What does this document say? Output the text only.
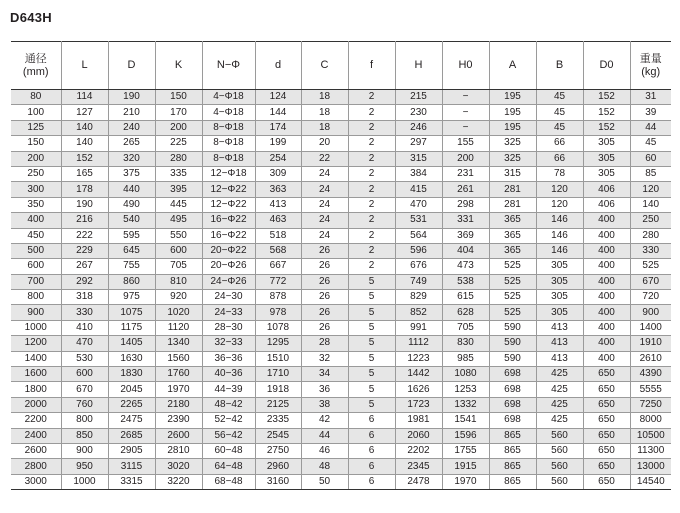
D643H
通径
(mm)	L	D	K	N−Φ	d	C	f	H	H0	A	B	D0	重量
(kg)

80	114	190	150	4−Φ18	124	18	2	215	−	195	45	152	31
100	127	210	170	4−Φ18	144	18	2	230	−	195	45	152	39
125	140	240	200	8−Φ18	174	18	2	246	−	195	45	152	44
150	140	265	225	8−Φ18	199	20	2	297	155	325	66	305	45
200	152	320	280	8−Φ18	254	22	2	315	200	325	66	305	60
250	165	375	335	12−Φ18	309	24	2	384	231	315	78	305	85
300	178	440	395	12−Φ22	363	24	2	415	261	281	120	406	120
350	190	490	445	12−Φ22	413	24	2	470	298	281	120	406	140
400	216	540	495	16−Φ22	463	24	2	531	331	365	146	400	250
450	222	595	550	16−Φ22	518	24	2	564	369	365	146	400	280
500	229	645	600	20−Φ22	568	26	2	596	404	365	146	400	330
600	267	755	705	20−Φ26	667	26	2	676	473	525	305	400	525
700	292	860	810	24−Φ26	772	26	5	749	538	525	305	400	670
800	318	975	920	24−30	878	26	5	829	615	525	305	400	720
900	330	1075	1020	24−33	978	26	5	852	628	525	305	400	900
1000	410	1175	1120	28−30	1078	26	5	991	705	590	413	400	1400
1200	470	1405	1340	32−33	1295	28	5	1112	830	590	413	400	1910
1400	530	1630	1560	36−36	1510	32	5	1223	985	590	413	400	2610
1600	600	1830	1760	40−36	1710	34	5	1442	1080	698	425	650	4390
1800	670	2045	1970	44−39	1918	36	5	1626	1253	698	425	650	5555
2000	760	2265	2180	48−42	2125	38	5	1723	1332	698	425	650	7250
2200	800	2475	2390	52−42	2335	42	6	1981	1541	698	425	650	8000
2400	850	2685	2600	56−42	2545	44	6	2060	1596	865	560	650	10500
2600	900	2905	2810	60−48	2750	46	6	2202	1755	865	560	650	11300
2800	950	3115	3020	64−48	2960	48	6	2345	1915	865	560	650	13000
3000	1000	3315	3220	68−48	3160	50	6	2478	1970	865	560	650	14540
